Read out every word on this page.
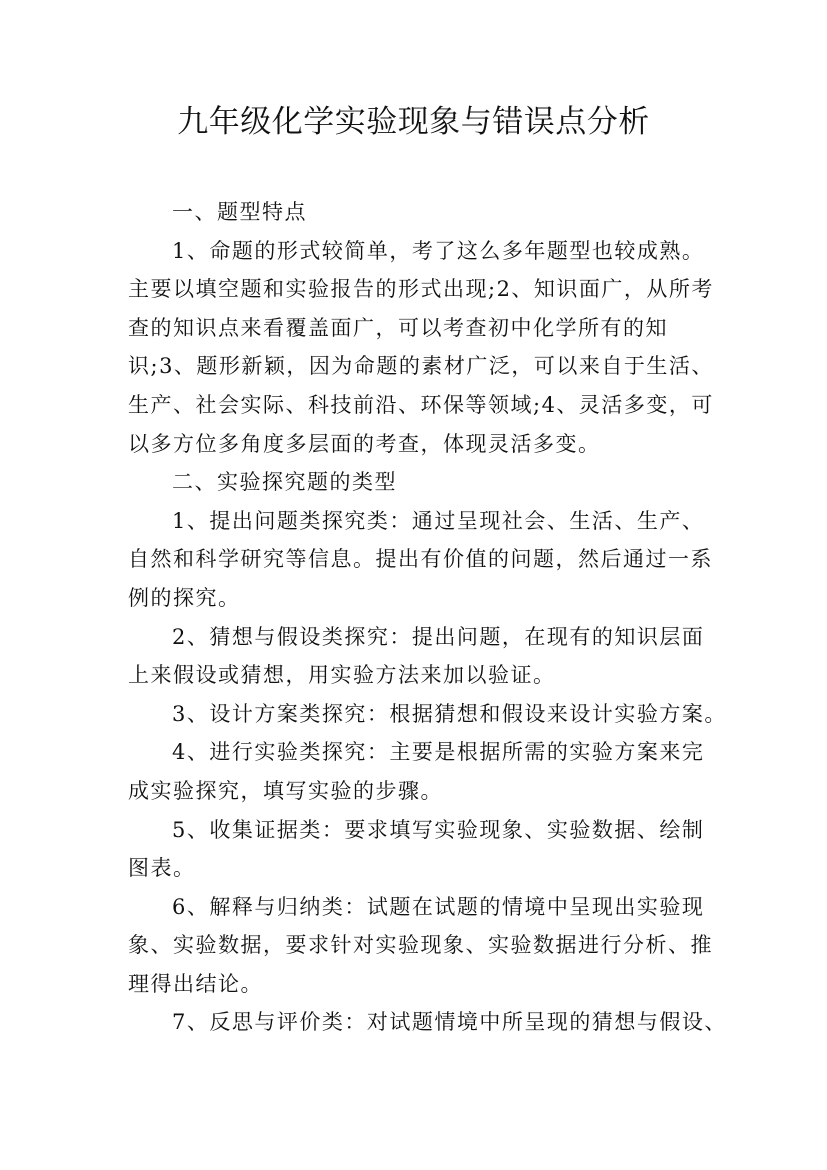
九年级化学实验现象与错误点分析

一、题型特点

1、命题的形式较简单，考了这么多年题型也较成熟。
主要以填空题和实验报告的形式出现;2、知识面广，从所考
查的知识点来看覆盖面广，可以考查初中化学所有的知
识;3、题形新颖，因为命题的素材广泛，可以来自于生活、
生产、社会实际、科技前沿、环保等领域;4、灵活多变，可
以多方位多角度多层面的考查，体现灵活多变。

二、实验探究题的类型

1、提出问题类探究类：通过呈现社会、生活、生产、
自然和科学研究等信息。提出有价值的问题，然后通过一系
例的探究。

2、猜想与假设类探究：提出问题，在现有的知识层面
上来假设或猜想，用实验方法来加以验证。

3、设计方案类探究：根据猜想和假设来设计实验方案。

4、进行实验类探究：主要是根据所需的实验方案来完
成实验探究，填写实验的步骤。

5、收集证据类：要求填写实验现象、实验数据、绘制
图表。

6、解释与归纳类：试题在试题的情境中呈现出实验现
象、实验数据，要求针对实验现象、实验数据进行分析、推
理得出结论。

7、反思与评价类：对试题情境中所呈现的猜想与假设、
